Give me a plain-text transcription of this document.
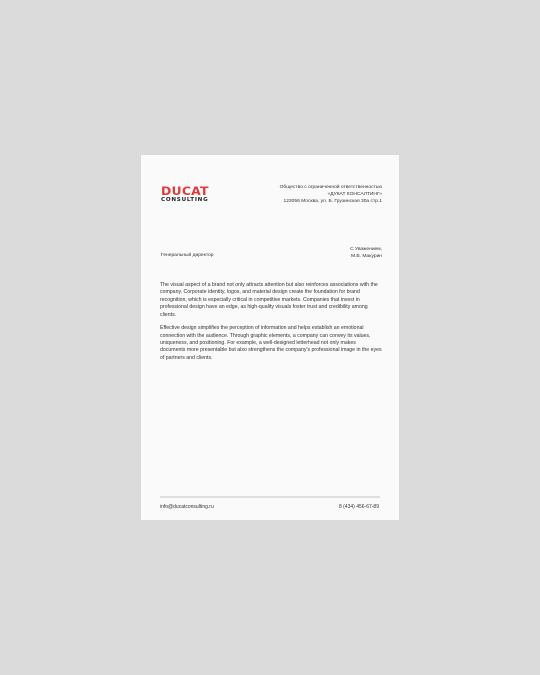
DUCAT
CONSULTING
Общество с ограниченной ответственностью
«ДУКАТ КОНСАЛТИНГ»
123056 Москва, ул. Б. Грузинская 30а стр.1
Генеральный директор
С Уважением,
М.В. Макурин

The visual aspect of a brand not only attracts attention but also reinforces associations with the company. Corporate identity, logos, and material design create the foundation for brand recognition, which is especially critical in competitive markets. Companies that invest in professional design have an edge, as high-quality visuals foster trust and credibility among clients.

Effective design simplifies the perception of information and helps establish an emotional connection with the audience. Through graphic elements, a company can convey its values, uniqueness, and positioning. For example, a well-designed letterhead not only makes documents more presentable but also strengthens the company's professional image in the eyes of partners and clients.

info@ducatconsulting.ru	8 (434) 456-67-89
